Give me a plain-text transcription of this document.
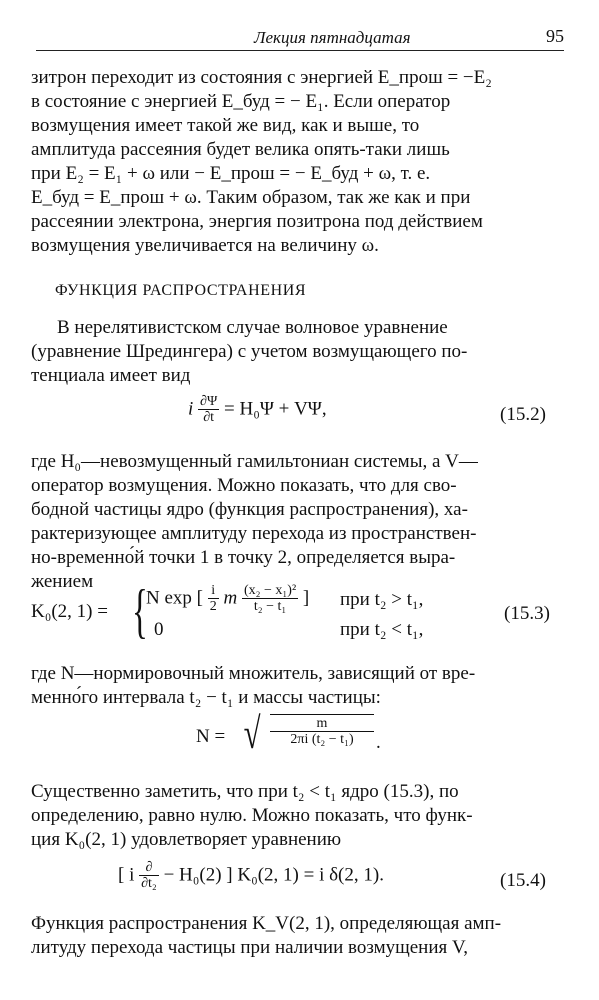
Лекция пятнадцатая	95
зитрон переходит из состояния с энергией E_прош = −E₂
в состояние с энергией E_буд = − E₁. Если оператор
возмущения имеет такой же вид, как и выше, то
амплитуда рассеяния будет велика опять-таки лишь
при E₂ = E₁ + ω или − E_прош = − E_буд + ω, т. е.
E_буд = E_прош + ω. Таким образом, так же как и при
рассеянии электрона, энергия позитрона под действием
возмущения увеличивается на величину ω.
ФУНКЦИЯ РАСПРОСТРАНЕНИЯ
В нерелятивистском случае волновое уравнение
(уравнение Шредингера) с учетом возмущающего по-
тенциала имеет вид
i $\frac{\partial\Psi}{\partial t} = H_0\Psi + V\Psi$,	(15.2)
где H₀—невозмущенный гамильтониан системы, а V—
оператор возмущения. Можно показать, что для сво-
бодной частицы ядро (функция распространения), ха-
рактеризующее амплитуду перехода из пространствен-
но-временно́й точки 1 в точку 2, определяется выра-
жением
K₀(2, 1) = {
N exp [ $\frac{i}{2}$ m $\frac{\text{(x₂ − x₁)²}}{\text{t₂ − t₁}}$ ] при t₂ > t₁,
0	при t₂ < t₁,
(15.3)
где N—нормировочный множитель, зависящий от вре-
менно́го интервала t₂ − t₁ и массы частицы:
N = √ $\frac{m}{\text{2πi (t₂ − t₁)}}$ .
Существенно заметить, что при t₂ < t₁ ядро (15.3), по
определению, равно нулю. Можно показать, что функ-
ция K₀(2, 1) удовлетворяет уравнению
[ i $\frac{\partial}{\text{∂t₂}} - H_0(2)$ ] K₀(2, 1) = i δ(2, 1).	(15.4)
Функция распространения K_V(2, 1), определяющая амп-
литуду перехода частицы при наличии возмущения V,
